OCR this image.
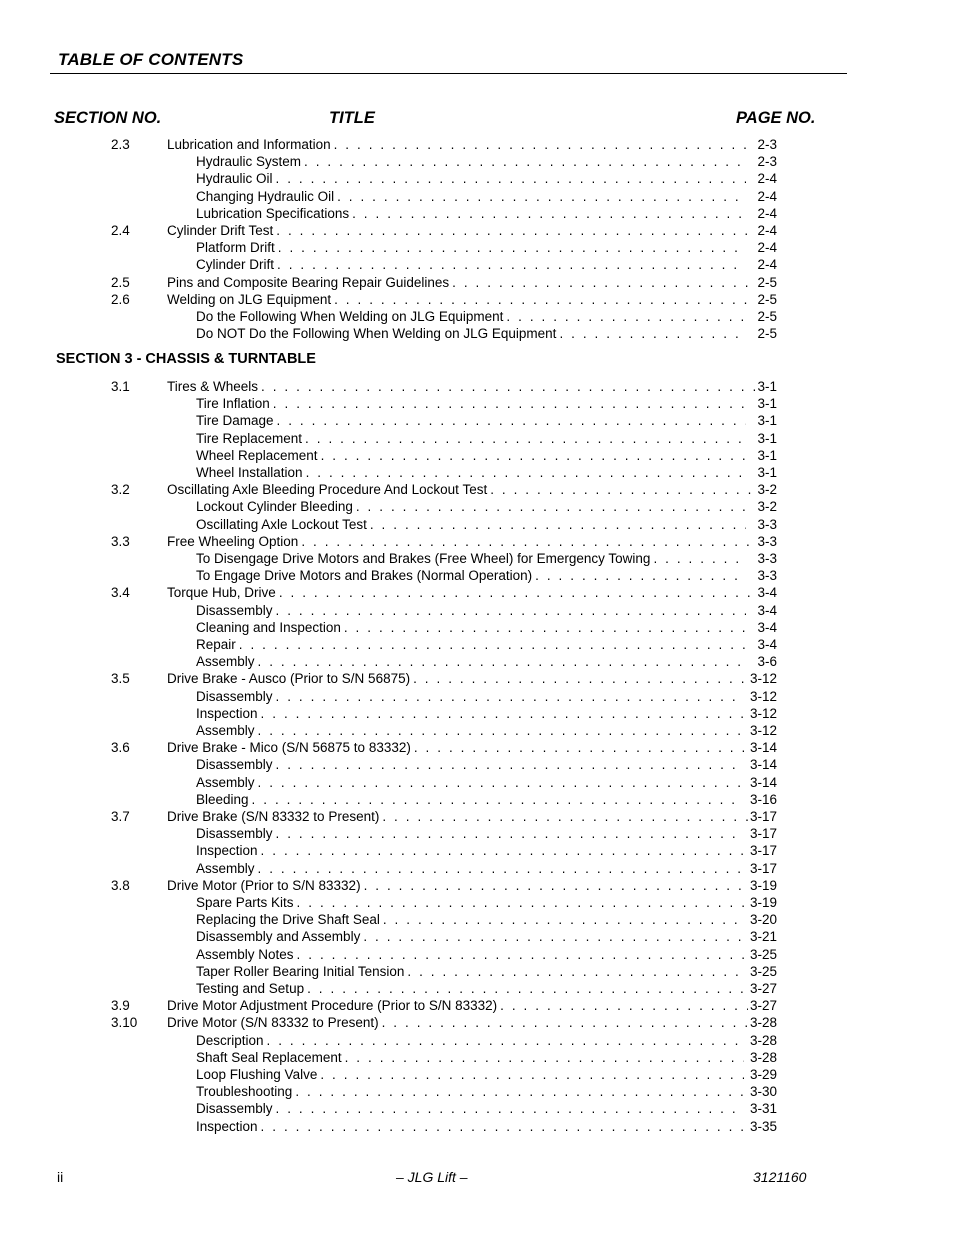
TABLE OF CONTENTS
SECTION NO.	TITLE	PAGE NO.
SECTION 3 - CHASSIS & TURNTABLE
2.3	Lubrication and Information . . .	2-3
Hydraulic System . . .	2-3
Hydraulic Oil . . .	2-4
Changing Hydraulic Oil . . .	2-4
Lubrication Specifications . . .	2-4
2.4	Cylinder Drift Test . . .	2-4
Platform Drift . . .	2-4
Cylinder Drift . . .	2-4
2.5	Pins and Composite Bearing Repair Guidelines . . .	2-5
2.6	Welding on JLG Equipment . . .	2-5
Do the Following When Welding on JLG Equipment . . .	2-5
Do NOT Do the Following When Welding on JLG Equipment . . .	2-5
3.1	Tires & Wheels . . .	3-1
Tire Inflation . . .	3-1
Tire Damage . . .	3-1
Tire Replacement . . .	3-1
Wheel Replacement . . .	3-1
Wheel Installation . . .	3-1
3.2	Oscillating Axle Bleeding Procedure And Lockout Test . . .	3-2
Lockout Cylinder Bleeding . . .	3-2
Oscillating Axle Lockout Test . . .	3-3
3.3	Free Wheeling Option . . .	3-3
To Disengage Drive Motors and Brakes (Free Wheel) for Emergency Towing . . .	3-3
To Engage Drive Motors and Brakes (Normal Operation) . . .	3-3
3.4	Torque Hub, Drive . . .	3-4
Disassembly . . .	3-4
Cleaning and Inspection . . .	3-4
Repair . . .	3-4
Assembly . . .	3-6
3.5	Drive Brake - Ausco (Prior to S/N 56875) . . .	3-12
Disassembly . . .	3-12
Inspection . . .	3-12
Assembly . . .	3-12
3.6	Drive Brake - Mico (S/N 56875 to 83332) . . .	3-14
Disassembly . . .	3-14
Assembly . . .	3-14
Bleeding . . .	3-16
3.7	Drive Brake (S/N 83332 to Present) . . .	3-17
Disassembly . . .	3-17
Inspection . . .	3-17
Assembly . . .	3-17
3.8	Drive Motor (Prior to S/N 83332) . . .	3-19
Spare Parts Kits . . .	3-19
Replacing the Drive Shaft Seal . . .	3-20
Disassembly and Assembly . . .	3-21
Assembly Notes . . .	3-25
Taper Roller Bearing Initial Tension . . .	3-25
Testing and Setup . . .	3-27
3.9	Drive Motor Adjustment Procedure (Prior to S/N 83332) . . .	3-27
3.10 Drive Motor (S/N 83332 to Present) . . .	3-28
Description . . .	3-28
Shaft Seal Replacement . . .	3-28
Loop Flushing Valve . . .	3-29
Troubleshooting . . .	3-30
Disassembly . . .	3-31
Inspection . . .	3-35
ii	– JLG Lift –	3121160
